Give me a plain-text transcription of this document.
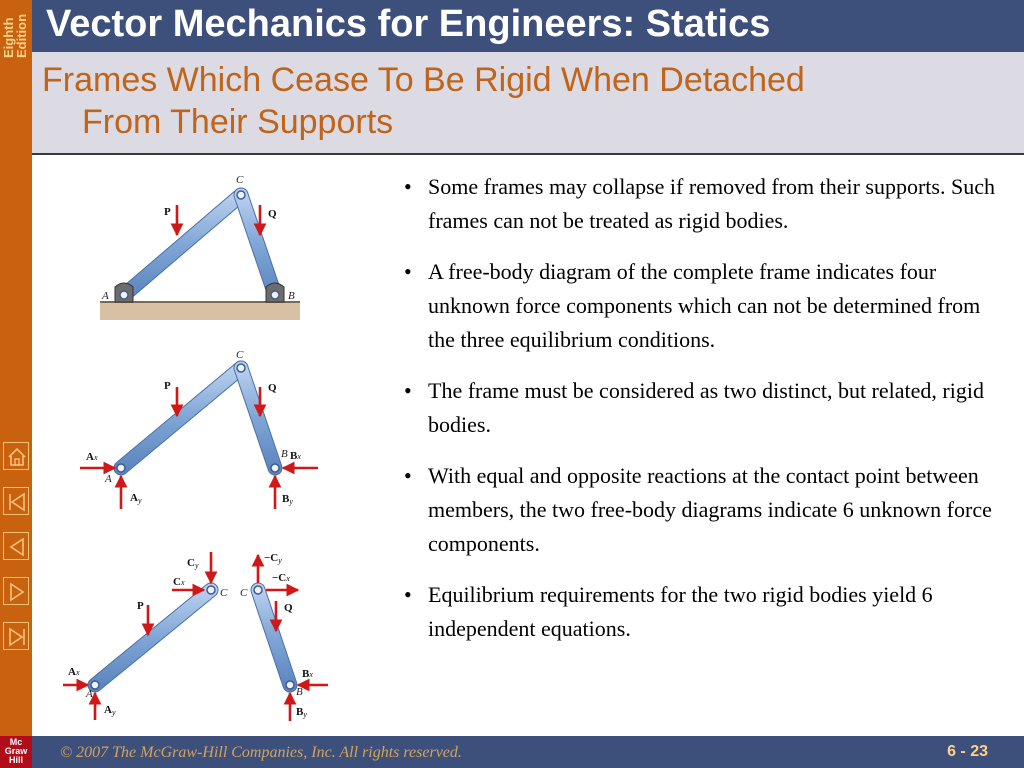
Eighth
Edition
Mc
Graw
Hill
Vector Mechanics for Engineers: Statics
Frames Which Cease To Be Rigid When Detached
From Their Supports
C
P	Q
A	B
C
P	Q
A
B
Ax
Ay
Bx
By
Cy
Cx
−Cy
−Cx
C C
P	Q
A	B
Ax
Ay
Bx
By
• Some frames may collapse if removed from their supports. Such frames can not be treated as rigid bodies.
• A free-body diagram of the complete frame indicates four unknown force components which can not be determined from the three equilibrium conditions.
• The frame must be considered as two distinct, but related, rigid bodies.
• With equal and opposite reactions at the contact point between members, the two free-body diagrams indicate 6 unknown force components.
• Equilibrium requirements for the two rigid bodies yield 6 independent equations.
© 2007 The McGraw-Hill Companies, Inc. All rights reserved.	6 - 23
